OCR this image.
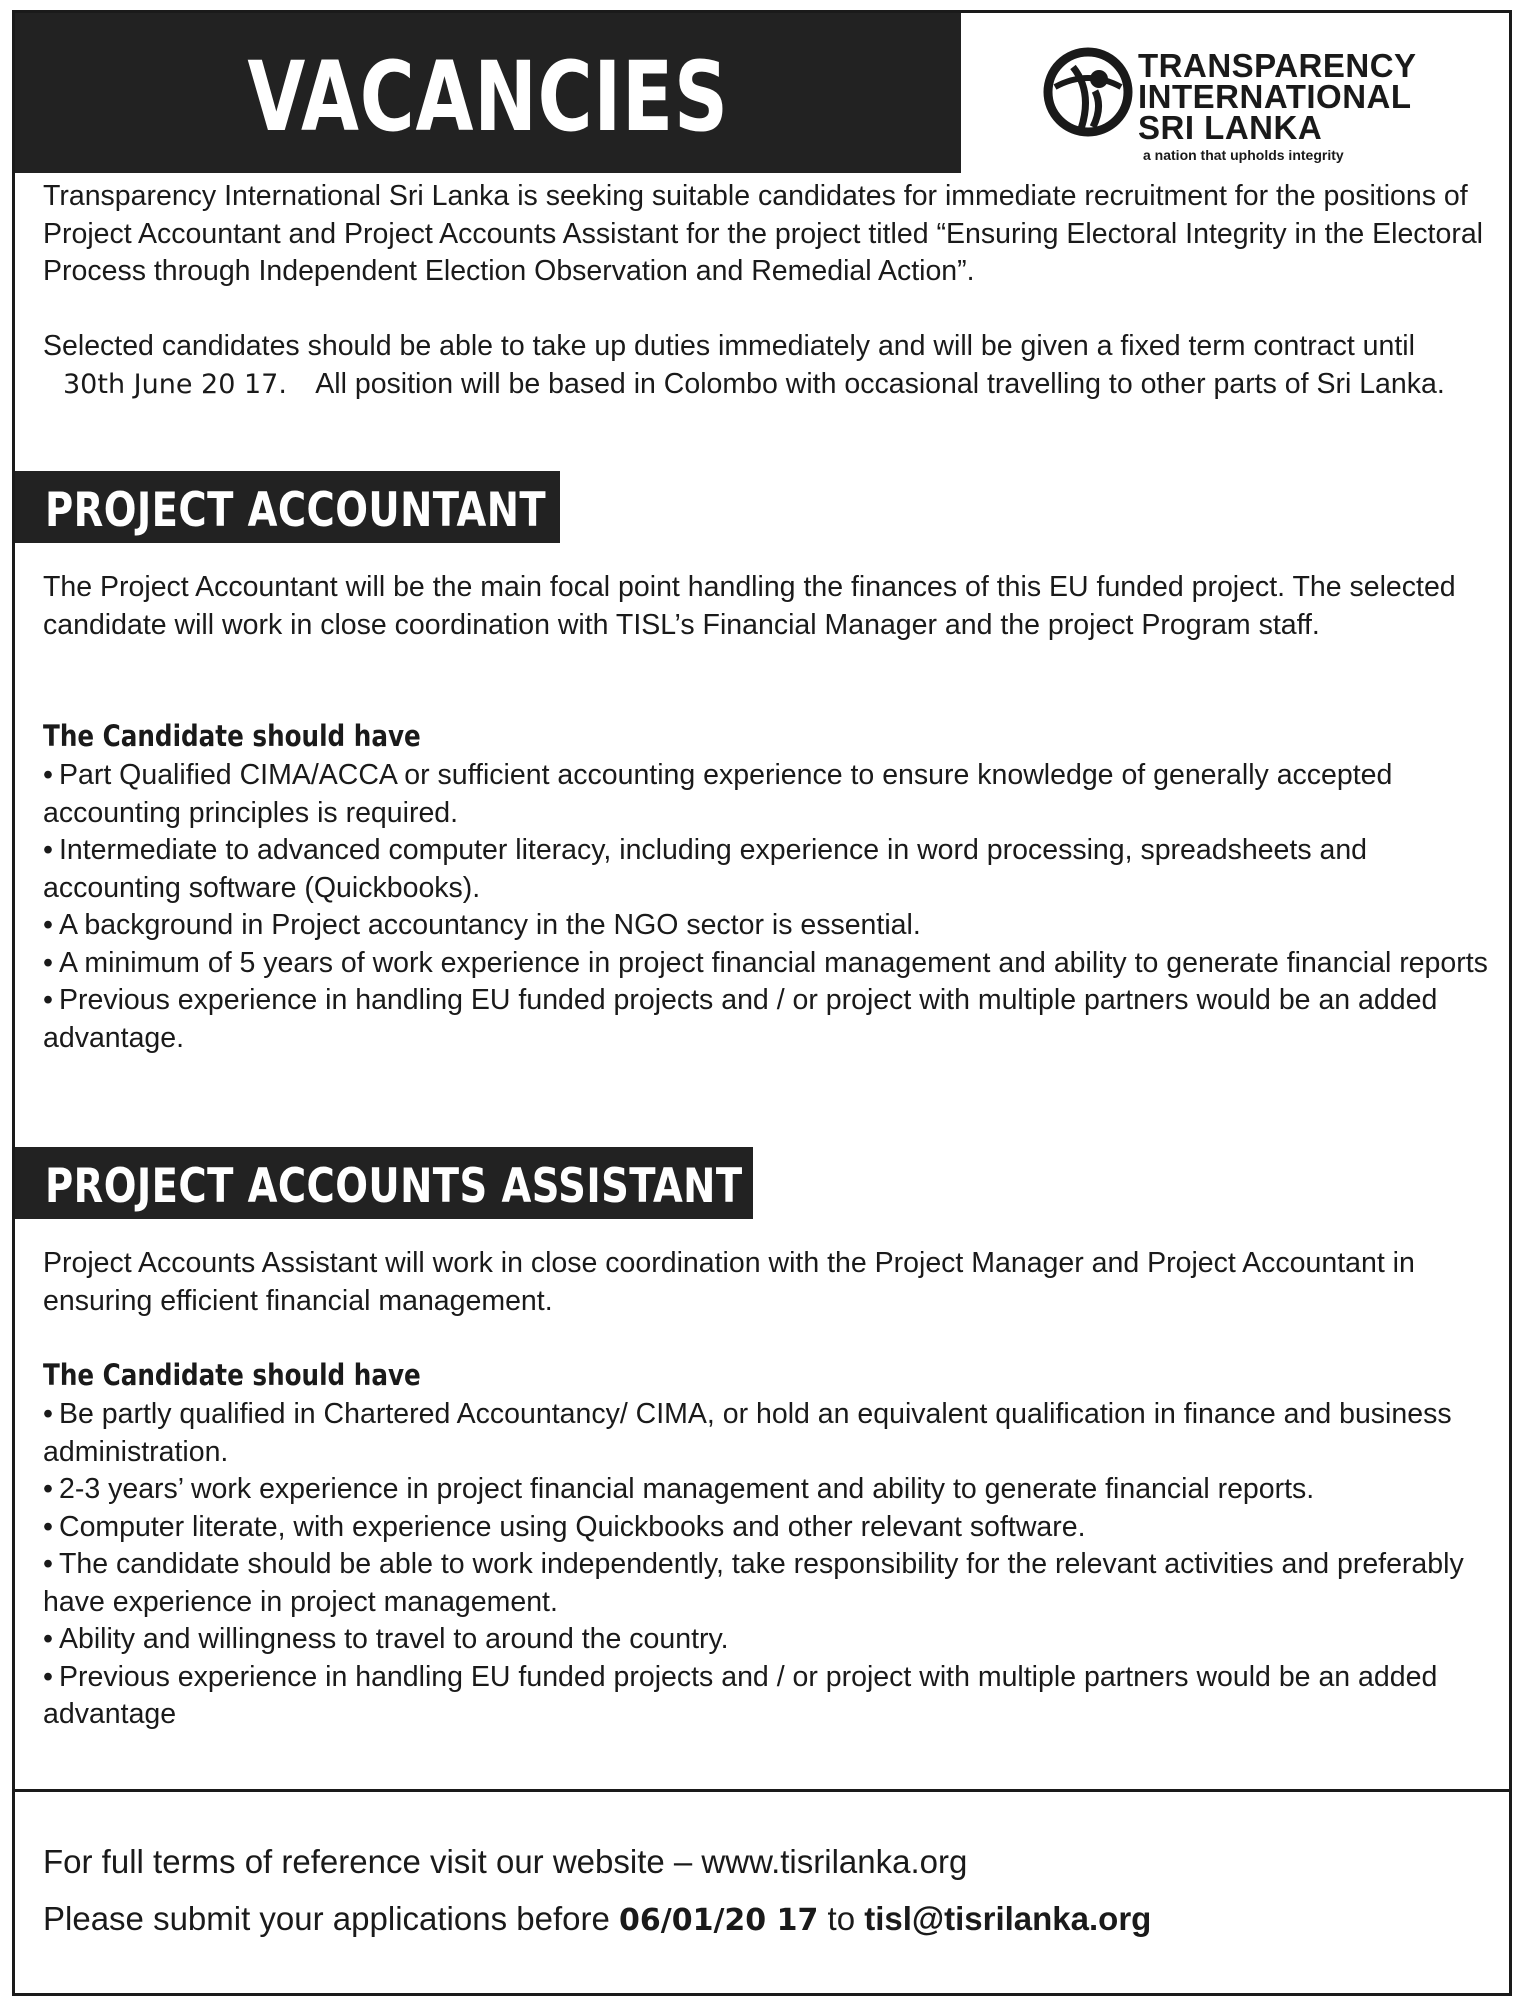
VACANCIES	TRANSPARENCY
INTERNATIONAL
SRI LANKA
a nation that upholds integrity
Transparency International Sri Lanka is seeking suitable candidates for immediate recruitment for the positions of Project Accountant and Project Accounts Assistant for the project titled “Ensuring Electoral Integrity in the Electoral Process through Independent Election Observation and Remedial Action”.
Selected candidates should be able to take up duties immediately and will be given a fixed term contract until 30th June 20 17. All position will be based in Colombo with occasional travelling to other parts of Sri Lanka.
PROJECT ACCOUNTANT
The Project Accountant will be the main focal point handling the finances of this EU funded project. The selected candidate will work in close coordination with TISL’s Financial Manager and the project Program staff.
The Candidate should have
• Part Qualified CIMA/ACCA or sufficient accounting experience to ensure knowledge of generally accepted accounting principles is required.
• Intermediate to advanced computer literacy, including experience in word processing, spreadsheets and accounting software (Quickbooks).
• A background in Project accountancy in the NGO sector is essential.
• A minimum of 5 years of work experience in project financial management and ability to generate financial reports
• Previous experience in handling EU funded projects and / or project with multiple partners would be an added advantage.
PROJECT ACCOUNTS ASSISTANT
Project Accounts Assistant will work in close coordination with the Project Manager and Project Accountant in ensuring efficient financial management.
The Candidate should have
• Be partly qualified in Chartered Accountancy/ CIMA, or hold an equivalent qualification in finance and business administration.
• 2-3 years’ work experience in project financial management and ability to generate financial reports.
• Computer literate, with experience using Quickbooks and other relevant software.
• The candidate should be able to work independently, take responsibility for the relevant activities and preferably have experience in project management.
• Ability and willingness to travel to around the country.
• Previous experience in handling EU funded projects and / or project with multiple partners would be an added advantage
For full terms of reference visit our website – www.tisrilanka.org
Please submit your applications before 06/01/20 17 to tisl@tisrilanka.org
